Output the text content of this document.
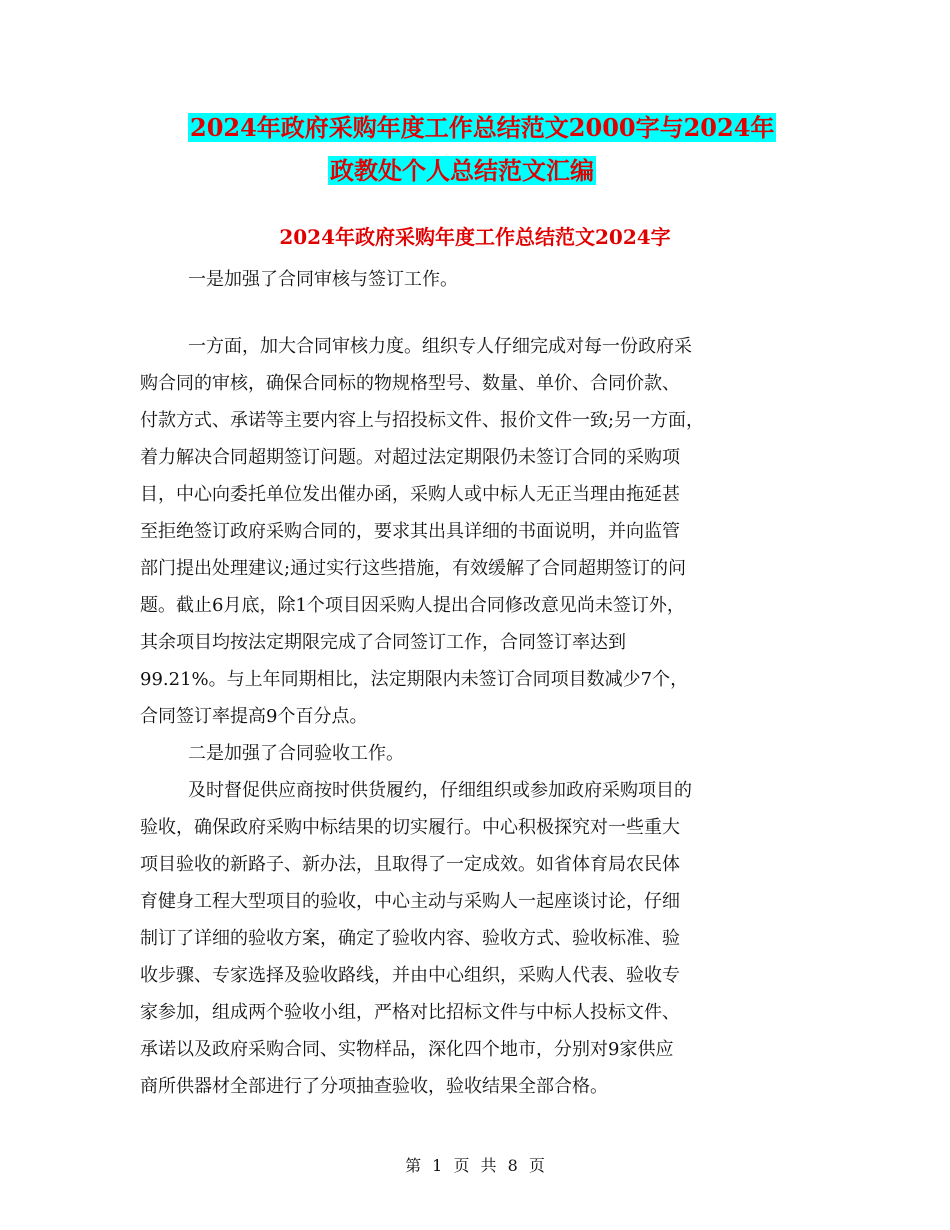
2024年政府采购年度工作总结范文2000字与2024年
政教处个人总结范文汇编
2024年政府采购年度工作总结范文2024字
一是加强了合同审核与签订工作。
一方面，加大合同审核力度。组织专人仔细完成对每一份政府采
购合同的审核，确保合同标的物规格型号、数量、单价、合同价款、
付款方式、承诺等主要内容上与招投标文件、报价文件一致;另一方面，
着力解决合同超期签订问题。对超过法定期限仍未签订合同的采购项
目，中心向委托单位发出催办函，采购人或中标人无正当理由拖延甚
至拒绝签订政府采购合同的，要求其出具详细的书面说明，并向监管
部门提出处理建议;通过实行这些措施，有效缓解了合同超期签订的问
题。截止6月底，除1个项目因采购人提出合同修改意见尚未签订外，
其余项目均按法定期限完成了合同签订工作，合同签订率达到
99.21%。与上年同期相比，法定期限内未签订合同项目数减少7个，
合同签订率提高9个百分点。
二是加强了合同验收工作。
及时督促供应商按时供货履约，仔细组织或参加政府采购项目的
验收，确保政府采购中标结果的切实履行。中心积极探究对一些重大
项目验收的新路子、新办法，且取得了一定成效。如省体育局农民体
育健身工程大型项目的验收，中心主动与采购人一起座谈讨论，仔细
制订了详细的验收方案，确定了验收内容、验收方式、验收标准、验
收步骤、专家选择及验收路线，并由中心组织，采购人代表、验收专
家参加，组成两个验收小组，严格对比招标文件与中标人投标文件、
承诺以及政府采购合同、实物样品，深化四个地市，分别对9家供应
商所供器材全部进行了分项抽查验收，验收结果全部合格。
第 1 页 共 8 页
